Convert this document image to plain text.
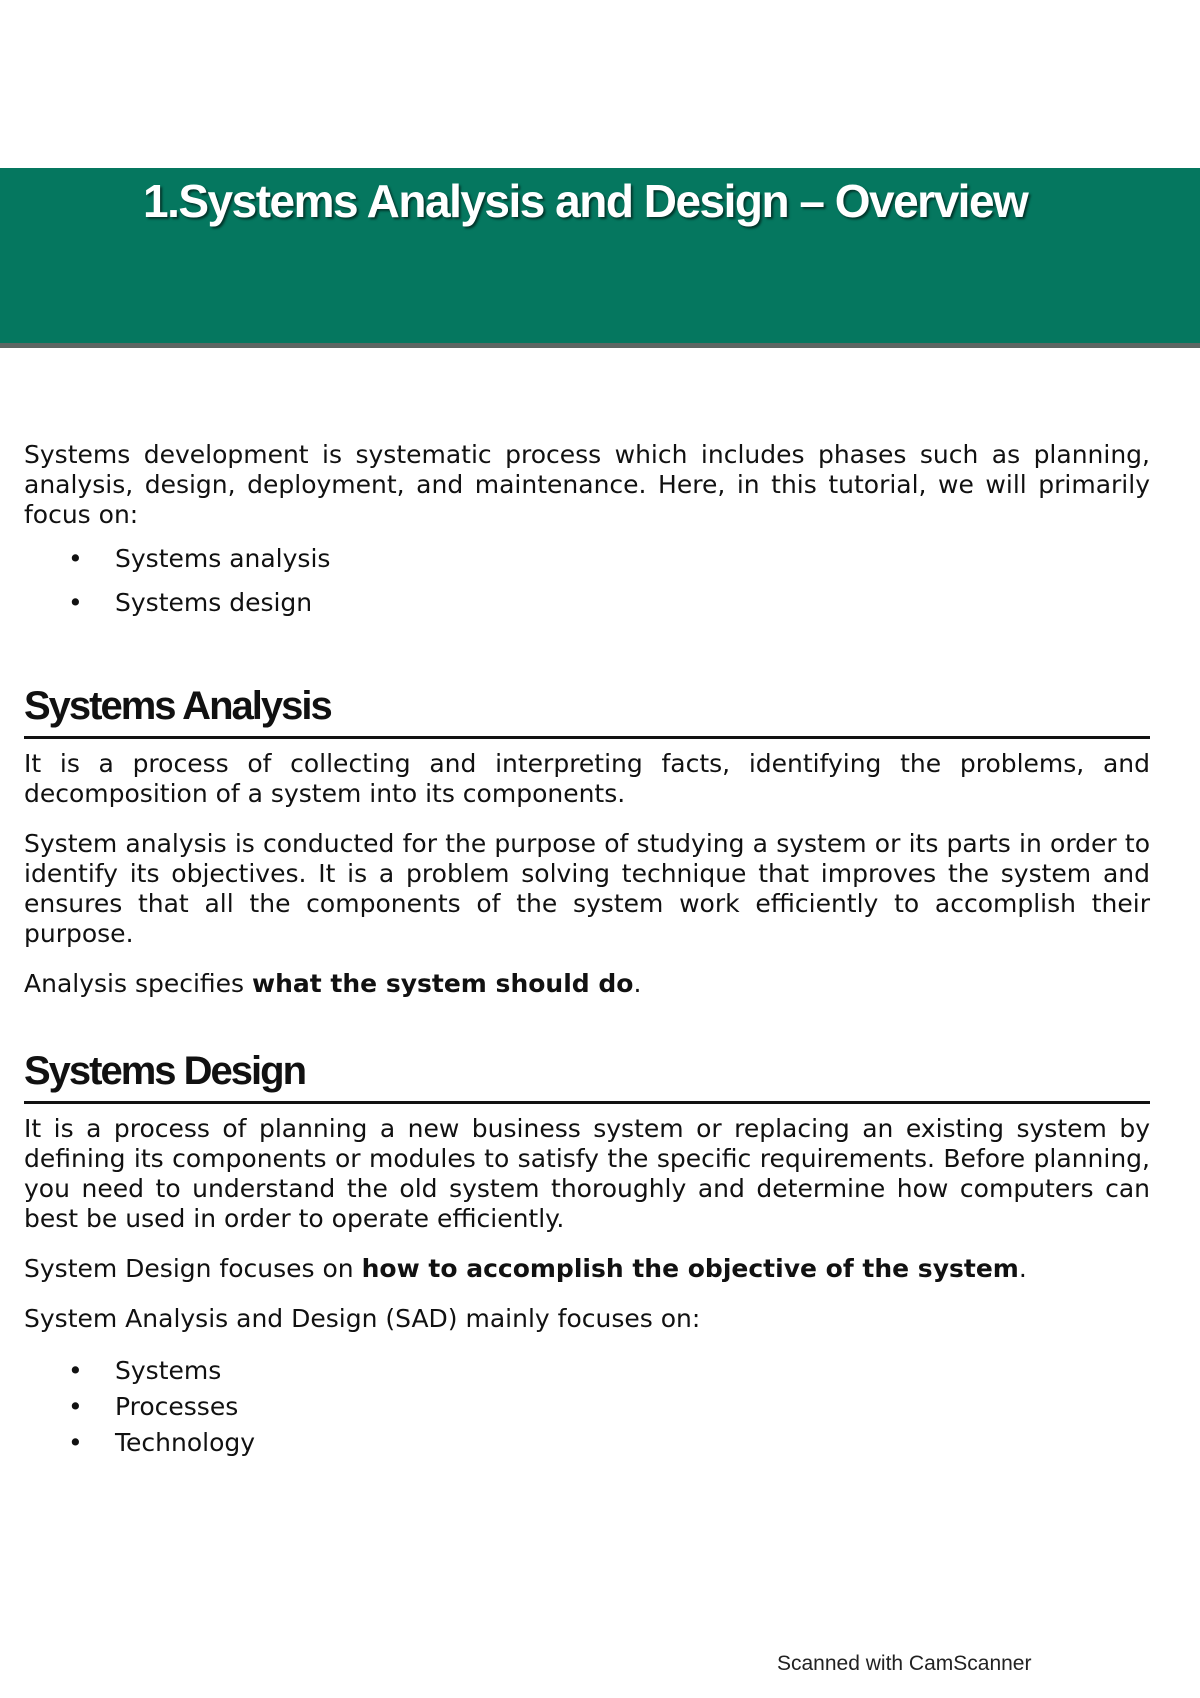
1.Systems Analysis and Design – Overview

Systems development is systematic process which includes phases such as planning, analysis, design, deployment, and maintenance. Here, in this tutorial, we will primarily focus on:

• Systems analysis
• Systems design
Systems Analysis

It is a process of collecting and interpreting facts, identifying the problems, and decomposition of a system into its components.

System analysis is conducted for the purpose of studying a system or its parts in order to identify its objectives. It is a problem solving technique that improves the system and ensures that all the components of the system work efficiently to accomplish their purpose.

Analysis specifies what the system should do.

Systems Design

It is a process of planning a new business system or replacing an existing system by defining its components or modules to satisfy the specific requirements. Before planning, you need to understand the old system thoroughly and determine how computers can best be used in order to operate efficiently.

System Design focuses on how to accomplish the objective of the system.

System Analysis and Design (SAD) mainly focuses on:

• Systems
• Processes
• Technology
Scanned with CamScanner
